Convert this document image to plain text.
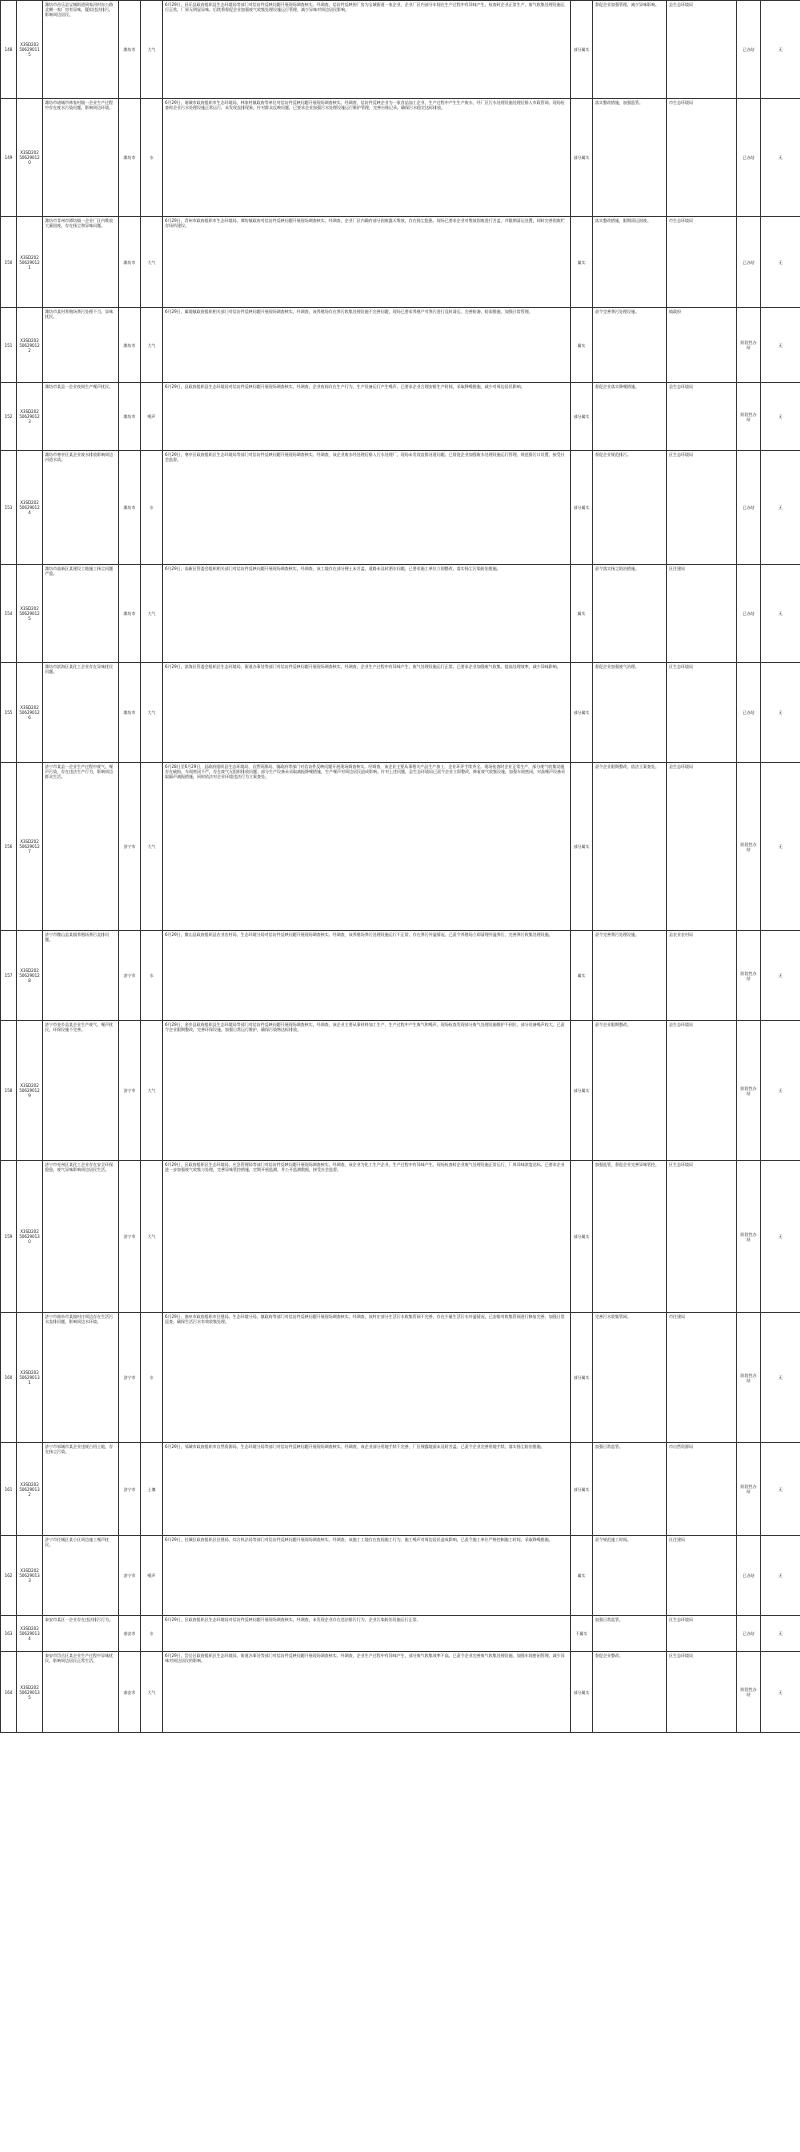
148	X3SD202506290115	潍坊市昌乐县宝城街道周家河村东公路北侧一家厂房有异味，疑似违法排污，影响周边居民。	潍坊市	大气	6月29日，昌乐县政府组织县生态环境局等部门对信访件反映问题开展现场调查核实。经调查，信访件反映的厂房为宝城街道一家企业，企业厂区内部分车间在生产过程中有异味产生。检查时企业正常生产，废气收集处理设施运行正常，厂界无明显异味。后续将督促企业加强废气收集处理设施运行管理，减少异味对周边居民影响。	部分属实	督促企业加强管理，减少异味影响。	县生态环境局	已办结	无

149	X3SD202506290120	潍坊市诸城市林家村镇一企业生产过程中存在废水污染问题，影响周边环境。	潍坊市	水	6月29日，诸城市政府组织市生态环境局、林家村镇政府等单位对信访件反映问题开展现场调查核实。经调查，信访件反映企业为一家食品加工企业，生产过程中产生生产废水，经厂区污水处理设施处理后排入市政管网。现场检查时企业污水处理设施正常运行，未发现直排现象。针对群众反映问题，已要求企业加强污水处理设施运行维护管理，完善台账记录，确保污水稳定达标排放。	部分属实	落实整改措施，加强监管。	市生态环境局	已办结	无

150	X3SD202506290121	潍坊市青州市谭坊镇一企业厂区内堆放大量固废，存在扬尘和异味问题。	潍坊市	大气	6月29日，青州市政府组织市生态环境局、谭坊镇政府对信访件反映问题开展现场调查核实。经调查，企业厂区内确有部分固废露天堆放，存在扬尘隐患。现场已要求企业对堆放固废进行苫盖，并限期清运处置，同时完善固废贮存场所建设。	属实	落实整改措施，限期清运固废。	市生态环境局	已办结	无

151	X3SD202506290122	潍坊市某村养殖场粪污处理不当，异味扰民。	潍坊市	大气	6月29日，属地镇政府组织相关部门对信访件反映问题开展现场调查核实。经调查，该养殖场存在粪污收集处理设施不完善问题，现场已要求养殖户对粪污进行及时清运，完善防渗、防雨措施，加强日常管理。	属实	责令完善粪污处理设施。	镇政府	阶段性办结	无

152	X3SD202506290123	潍坊市某县一企业夜间生产噪声扰民。	潍坊市	噪声	6月29日，县政府组织县生态环境局对信访件反映问题开展现场调查核实。经调查，企业夜间存在生产行为，生产设备运行产生噪声。已要求企业合理安排生产时间，采取降噪措施，减少对周边居民影响。	部分属实	督促企业落实降噪措施。	县生态环境局	阶段性办结	无

153	X3SD202506290124	潍坊市寒亭区某企业废水排放影响周边河道水质。	潍坊市	水	6月29日，寒亭区政府组织区生态环境局等部门对信访件反映问题开展现场调查核实。经调查，该企业废水经处理后排入污水处理厂，现场未发现直排河道问题。已督促企业加强废水处理设施运行管理，规范排污口设置，接受社会监督。	部分属实	督促企业规范排污。	区生态环境局	已办结	无

154	X3SD202506290125	潍坊市高新区某建设工地施工扬尘问题严重。	潍坊市	大气	6月29日，高新区管委会组织相关部门对信访件反映问题开展现场调查核实。经调查，该工地存在部分裸土未苫盖、道路未及时洒水问题。已要求施工单位立即整改，落实扬尘污染防治措施。	属实	责令落实扬尘防治措施。	区住建局	已办结	无

155	X3SD202506290126	潍坊市滨海区某化工企业存在异味扰民问题。	潍坊市	大气	6月29日，滨海区管委会组织区生态环境局、街道办事处等部门对信访件反映问题开展现场调查核实。经调查，企业生产过程中有异味产生，废气处理设施运行正常。已要求企业加强废气收集，提高处理效率，减少异味影响。	部分属实	督促企业加强废气治理。	区生态环境局	已办结	无

156	X3SD202506290127	济宁市某县一企业生产过程中废气、噪声污染，存在违法生产行为，影响周边群众生活。	济宁市	大气	6月28日至6月29日，县政府组织县生态环境局、自然资源局、镇政府等部门对信访件反映问题开展现场调查核实。经调查，该企业主要从事相关产品生产加工，企业环评手续齐全。现场检查时企业正常生产，部分废气收集设施存在破损，车间密闭不严，存在废气无组织排放问题；部分生产设备未采取减振降噪措施，生产噪声对周边居民造成影响。针对上述问题，县生态环境局已责令企业立即整改，修复废气收集设施，加强车间密闭，对高噪声设备采取隔声减振措施，同时依法对企业环境违法行为立案查处。	部分属实	责令企业限期整改，依法立案查处。	县生态环境局	阶段性办结	无

157	X3SD202506290128	济宁市微山县某镇养殖场粪污直排问题。	济宁市	水	6月29日，微山县政府组织县农业农村局、生态环境分局对信访件反映问题开展现场调查核实。经调查，该养殖场粪污处理设施运行不正常，存在粪污外溢情况。已责令养殖场立即清理外溢粪污，完善粪污收集处理设施。	属实	责令完善粪污处理设施。	县农业农村局	阶段性办结	无

158	X3SD202506290129	济宁市金乡县某企业生产废气、噪声扰民，环保设施不完善。	济宁市	大气	6月29日，金乡县政府组织县生态环境局等部门对信访件反映问题开展现场调查核实。经调查，该企业主要从事材料加工生产，生产过程中产生废气和噪声。现场检查发现部分废气处理设施维护不到位，部分设备噪声较大。已责令企业限期整改，完善环保设施，加强日常运行维护，确保污染物达标排放。	部分属实	责令企业限期整改。	县生态环境局	阶段性办结	无

159	X3SD202506290130	济宁市兖州区某化工企业存在安全环保隐患，废气异味影响周边居民生活。	济宁市	大气	6月29日，区政府组织区生态环境局、应急管理局等部门对信访件反映问题开展现场调查核实。经调查，该企业为化工生产企业，生产过程中有异味产生。现场检查时企业废气处理设施正常运行，厂界异味浓度达标。已要求企业进一步加强废气收集与处理，完善异味管控措施，定期开展监测，并公开监测数据，接受社会监督。	部分属实	加强监管，督促企业完善异味管控。	区生态环境局	阶段性办结	无

160	X3SD202506290131	济宁市曲阜市某镇村庄周边存在生活污水直排问题，影响周边水环境。	济宁市	水	6月29日，曲阜市政府组织市住建局、生态环境分局、镇政府等部门对信访件反映问题开展现场调查核实。经调查，该村庄部分生活污水收集管网不完善，存在少量生活污水外溢情况。已安排对收集管网进行修复完善，加强日常巡查，确保生活污水有效收集处理。	部分属实	完善污水收集管网。	市住建局	阶段性办结	无

161	X3SD202506290132	济宁市邹城市某企业违规占用土地，存在扬尘污染。	济宁市	土壤	6月29日，邹城市政府组织市自然资源局、生态环境分局等部门对信访件反映问题开展现场调查核实。经调查，该企业部分用地手续不完善，厂区裸露地面未及时苫盖。已责令企业完善用地手续，落实扬尘防治措施。	部分属实	加强日常监管。	市自然资源局	阶段性办结	无

162	X3SD202506290133	济宁市任城区某小区周边施工噪声扰民。	济宁市	噪声	6月29日，任城区政府组织区住建局、综合执法局等部门对信访件反映问题开展现场调查核实。经调查，该施工工地存在夜间施工行为，施工噪声对周边居民造成影响。已责令施工单位严格控制施工时间，采取降噪措施。	属实	责令规范施工时间。	区住建局	已办结	无

163	X3SD202506290134	泰安市某区一企业存在违法排污行为。	泰安市	水	6月29日，区政府组织区生态环境局对信访件反映问题开展现场调查核实。经调查，未发现企业存在违法排污行为，企业污染防治设施运行正常。	不属实	加强日常监管。	区生态环境局	已办结	无

164	X3SD202506290135	泰安市岱岳区某企业生产过程中异味扰民，影响周边居民正常生活。	泰安市	大气	6月29日，岱岳区政府组织区生态环境局、街道办事处等部门对信访件反映问题开展现场调查核实。经调查，企业生产过程中有异味产生，部分废气收集效率不高。已责令企业完善废气收集处理设施，加强车间密闭管理，减少异味对周边居民的影响。	部分属实	督促企业整改。	区生态环境局	阶段性办结	无
